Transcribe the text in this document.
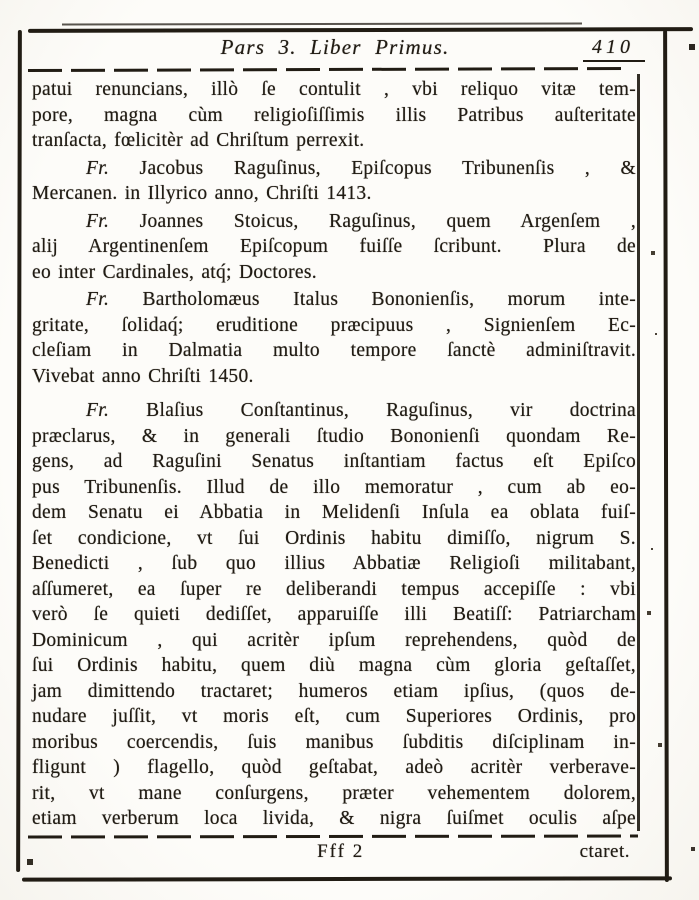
Pars 3. Liber Primus.	410
patui renuncians, illò ſe contulit , vbi reliquo vitæ tem-
pore, magna cùm religioſiſſimis illis Patribus auſteritate
tranſacta, fœlicitèr ad Chriſtum perrexit.
Fr. Jacobus Raguſinus, Epiſcopus Tribunenſis , &
Mercanen. in Illyrico anno, Chriſti 1413.
Fr. Joannes Stoicus, Raguſinus, quem Argenſem ,
alij Argentinenſem Epiſcopum fuiſſe ſcribunt.  Plura de
eo inter Cardinales, atq́; Doctores.
Fr. Bartholomæus Italus Bononienſis, morum inte-
gritate, ſolidaq́; eruditione præcipuus , Signienſem Ec-
cleſiam in Dalmatia multo tempore ſanctè adminiſtravit.
Vivebat anno Chriſti 1450.
Fr. Blaſius Conſtantinus, Raguſinus, vir doctrina
præclarus, & in generali ſtudio Bononienſi quondam Re-
gens, ad Raguſini Senatus inſtantiam factus eſt Epiſco
pus Tribunenſis. Illud de illo memoratur , cum ab eo-
dem Senatu ei Abbatia in Melidenſi Inſula ea oblata fuiſ-
ſet condicione, vt ſui Ordinis habitu dimiſſo, nigrum S.
Benedicti , ſub quo illius Abbatiæ Religioſi militabant,
aſſumeret, ea ſuper re deliberandi tempus accepiſſe : vbi
verò ſe quieti dediſſet, apparuiſſe illi Beatiſſ: Patriarcham
Dominicum , qui acritèr ipſum reprehendens, quòd de
ſui Ordinis habitu, quem diù magna cùm gloria geſtaſſet,
jam dimittendo tractaret; humeros etiam ipſius, (quos de-
nudare juſſit, vt moris eſt, cum Superiores Ordinis, pro
moribus coercendis, ſuis manibus ſubditis diſciplinam in-
fligunt ) flagello, quòd geſtabat, adeò acritèr verberave-
rit, vt mane conſurgens, præter vehementem dolorem,
etiam verberum loca livida, & nigra ſuiſmet oculis aſpe
Fff 2	ctaret.
